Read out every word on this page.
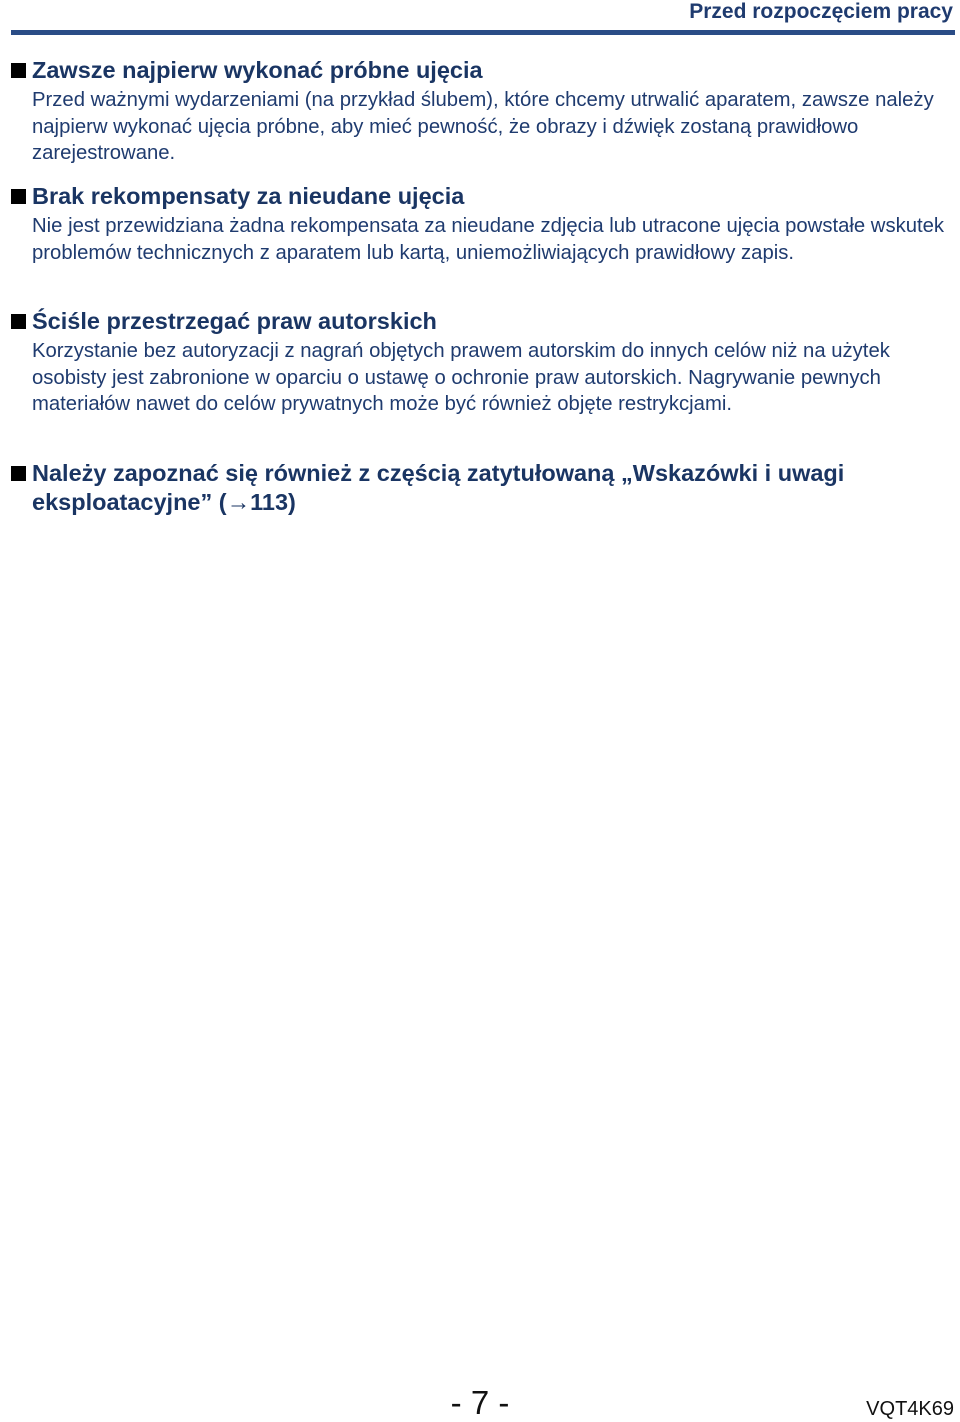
Przed rozpoczęciem pracy
Zawsze najpierw wykonać próbne ujęcia
Przed ważnymi wydarzeniami (na przykład ślubem), które chcemy utrwalić aparatem, zawsze należy najpierw wykonać ujęcia próbne, aby mieć pewność, że obrazy i dźwięk zostaną prawidłowo zarejestrowane.
Brak rekompensaty za nieudane ujęcia
Nie jest przewidziana żadna rekompensata za nieudane zdjęcia lub utracone ujęcia powstałe wskutek problemów technicznych z aparatem lub kartą, uniemożliwiających prawidłowy zapis.
Ściśle przestrzegać praw autorskich
Korzystanie bez autoryzacji z nagrań objętych prawem autorskim do innych celów niż na użytek osobisty jest zabronione w oparciu o ustawę o ochronie praw autorskich. Nagrywanie pewnych materiałów nawet do celów prywatnych może być również objęte restrykcjami.
Należy zapoznać się również z częścią zatytułowaną „Wskazówki i uwagi eksploatacyjne” (→113)
- 7 -	VQT4K69
